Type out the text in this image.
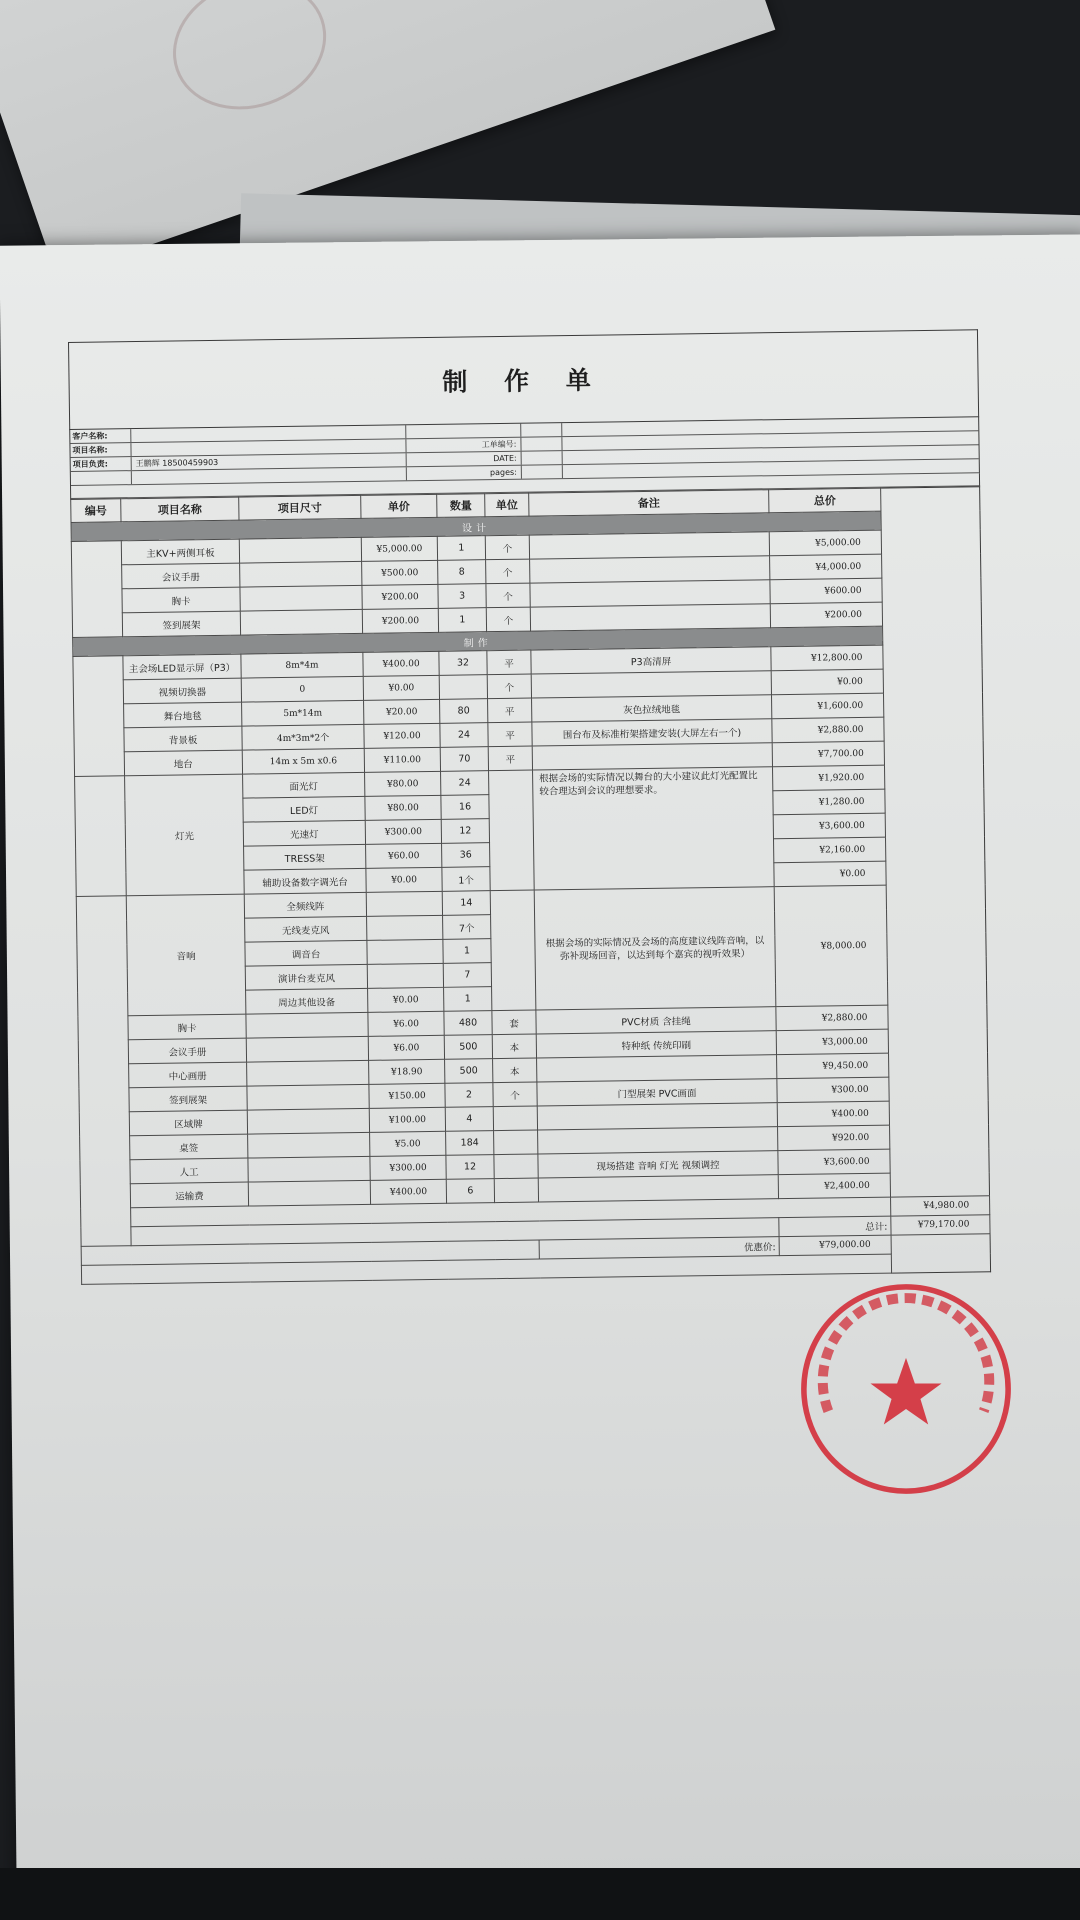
制 作 单
客户名称:
项目名称:
工单编号:
项目负责:	王鹏辉 18500459903	DATE:
pages:
编号	项目名称	项目尺寸	单价	数量	单位	备注	总价	
设计								
	主KV+两侧耳板		¥5,000.00	1	个		¥5,000.00	
	会议手册		¥500.00	8	个		¥4,000.00	
	胸卡		¥200.00	3	个		¥600.00	
	签到展架		¥200.00	1	个		¥200.00	
制作								
	主会场LED显示屏（P3）	8m*4m	¥400.00	32	平	P3高清屏	¥12,800.00	
	视频切换器	0	¥0.00		个		¥0.00	
	舞台地毯	5m*14m	¥20.00	80	平	灰色拉绒地毯	¥1,600.00	
	背景板	4m*3m*2个	¥120.00	24	平	围台布及标准桁架搭建安装(大屏左右一个)	¥2,880.00	
	地台	14m x 5m x0.6	¥110.00	70	平		¥7,700.00	
	灯光	面光灯	¥80.00	24		根据会场的实际情况以舞台的大小建议此灯光配置比较合理达到会议的理想要求。	¥1,920.00	
		LED灯	¥80.00	16			¥1,280.00	
		光速灯	¥300.00	12			¥3,600.00	
		TRESS架	¥60.00	36			¥2,160.00	
		辅助设备数字调光台	¥0.00	1个			¥0.00	
	音响	全频线阵		14		根据会场的实际情况及会场的高度建议线阵音响，以弥补现场回音，以达到每个嘉宾的视听效果）	¥8,000.00	
		无线麦克风		7个				
		调音台		1				
		演讲台麦克风		7				
		周边其他设备	¥0.00	1				
	胸卡		¥6.00	480	套	PVC材质 含挂绳	¥2,880.00	
	会议手册		¥6.00	500	本	特种纸 传统印刷	¥3,000.00	
	中心画册		¥18.90	500	本		¥9,450.00	
	签到展架		¥150.00	2	个	门型展架 PVC画面	¥300.00	
	区域牌		¥100.00	4			¥400.00	
	桌签		¥5.00	184			¥920.00	
	人工		¥300.00	12		现场搭建 音响 灯光 视频调控	¥3,600.00	
	运输费		¥400.00	6			¥2,400.00	
								¥4,980.00
							总计:	¥79,170.00
						优惠价:	¥79,000.00	
